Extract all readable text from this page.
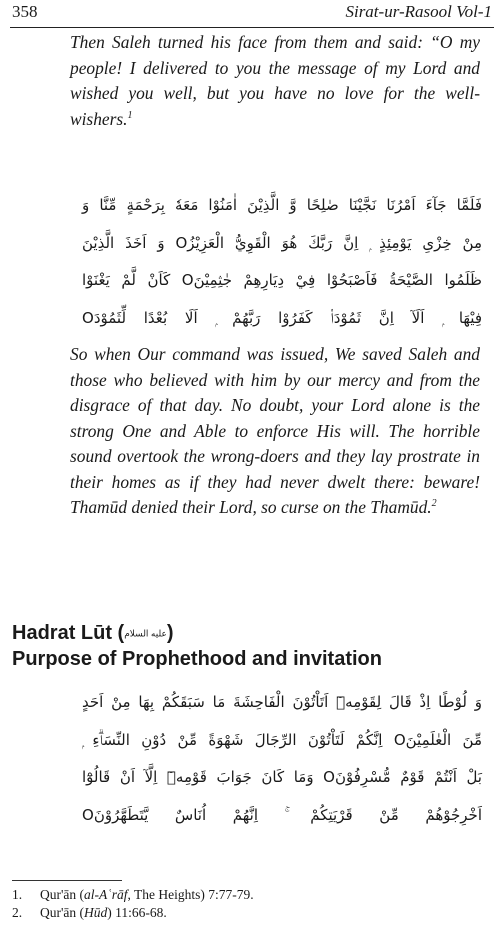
358	Sirat-ur-Rasool Vol-1

Then Saleh turned his face from them and said: “O my people! I delivered to you the message of my Lord and wished you well, but you have no love for the well-wishers.$^1$

فَلَمَّا جَآءَ اَمْرُنَا نَجَّيْنَا صٰلِحًا وَّ الَّذِيْنَ اٰمَنُوْا مَعَهٗ بِرَحْمَةٍ مِّنَّا وَ
مِنْ خِزْىِ يَوْمِئِذٍ ۭ اِنَّ رَبَّكَ هُوَ الْقَوِيُّ الْعَزِيْزُO وَ اَخَذَ الَّذِيْنَ
ظَلَمُوا الصَّيْحَةُ فَاَصْبَحُوْا فِيْ دِيَارِهِمْ جٰثِمِيْنَO كَاَنْ لَّمْ يَغْنَوْا
فِيْهَا ۭ اَلَآ اِنَّ ثَمُوْدَا۟ كَفَرُوْا رَبَّهُمْ ۭ اَلَا بُعْدًا لِّثَمُوْدَO

So when Our command was issued, We saved Saleh and those who believed with him by our mercy and from the disgrace of that day. No doubt, your Lord alone is the strong One and Able to enforce His will. The horrible sound overtook the wrong-doers and they lay prostrate in their homes as if they had never dwelt there: beware! Thamūd denied their Lord, so curse on the Thamūd.$^2$

Hadrat Lūt (عليه السلام)
Purpose of Prophethood and invitation
وَ لُوْطًا اِذْ قَالَ لِقَوْمِهٖٓ اَتَاْتُوْنَ الْفَاحِشَةَ مَا سَبَقَكُمْ بِهَا مِنْ اَحَدٍ
مِّنَ الْعٰلَمِيْنَO اِنَّكُمْ لَتَاْتُوْنَ الرِّجَالَ شَهْوَةً مِّنْ دُوْنِ النِّسَاۗءِ ۭ
بَلْ اَنْتُمْ قَوْمٌ مُّسْرِفُوْنَO وَمَا كَانَ جَوَابَ قَوْمِهٖٓ اِلَّآ اَنْ قَالُوْٓا
اَخْرِجُوْهُمْ مِّنْ قَرْيَتِكُمْ ۚ اِنَّهُمْ اُنَاسٌ يَّتَطَهَّرُوْنَO
1. Qur'ān (al-Aʿrāf, The Heights) 7:77-79.
2. Qur'ān (Hūd) 11:66-68.
